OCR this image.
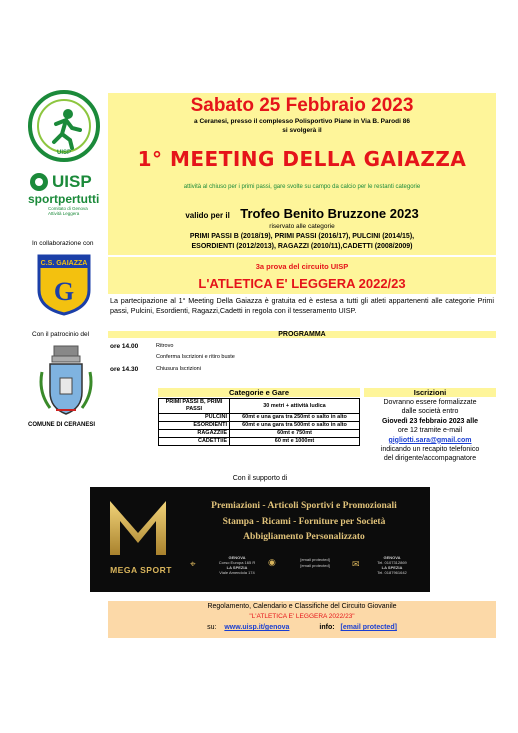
UISP
UISP
sportpertutti
Comitato di Genova Attività Leggera
In collaborazione con
C.S. GAIAZZA
G
Con il patrocinio del
COMUNE DI CERANESI
Sabato 25 Febbraio 2023
a Ceranesi, presso il complesso Polisportivo Piane in Via B. Parodi 86
si svolgerà il
1° MEETING DELLA GAIAZZA
attività al chiuso per i primi passi, gare svolte su campo da calcio per le restanti categorie
valido per il Trofeo Benito Bruzzone 2023
riservato alle categorie
PRIMI PASSI B (2018/19), PRIMI PASSI (2016/17), PULCINI (2014/15),
ESORDIENTI (2012/2013), RAGAZZI (2010/11),CADETTI (2008/2009)
3a prova del circuito UISP
L'ATLETICA E' LEGGERA 2022/23
La partecipazione al 1° Meeting Della Gaiazza è gratuita ed è estesa a tutti gli atleti appartenenti alle categorie Primi passi, Pulcini, Esordienti, Ragazzi,Cadetti in regola con il tesseramento UISP.
PROGRAMMA
ore 14.00	Ritrovo
Conferma Iscrizioni e ritiro buste
ore 14.30	Chiusura Iscrizioni
Categorie e Gare
PRIMI PASSI B, PRIMI PASSI	30 metri + attività ludica
PULCINI	60mt e una gara tra 250mt o salto in alto
ESORDIENTI	60mt e una gara tra 500mt o salto in alto
RAGAZZI/E	60mt e 750mt
CADETTI/E	60 mt e 1000mt
Iscrizioni
Dovranno essere formalizzate
dalle società entro
Giovedì 23 febbraio 2023 alle
ore 12 tramite e-mail
gigliotti.sara@gmail.com
indicando un recapito telefonico
del dirigente/accompagnatore
Con il supporto di
MEGA SPORT
Premiazioni - Articoli Sportivi e Promozionali
Stampa - Ricami - Forniture per Società
Abbigliamento Personalizzato
⌖
GENOVA
Corso Europa 165 R
LA SPEZIA
Viale Amendola 174
◉	[email protected]
[email protected]	✉
GENOVA
Tel. 0107312869
LA SPEZIA
Tel. 0187961642
Regolamento, Calendario e Classifiche del Circuito Giovanile
"L'ATLETICA E' LEGGERA 2022/23"
su: www.uisp.it/genova	info: [email protected]
